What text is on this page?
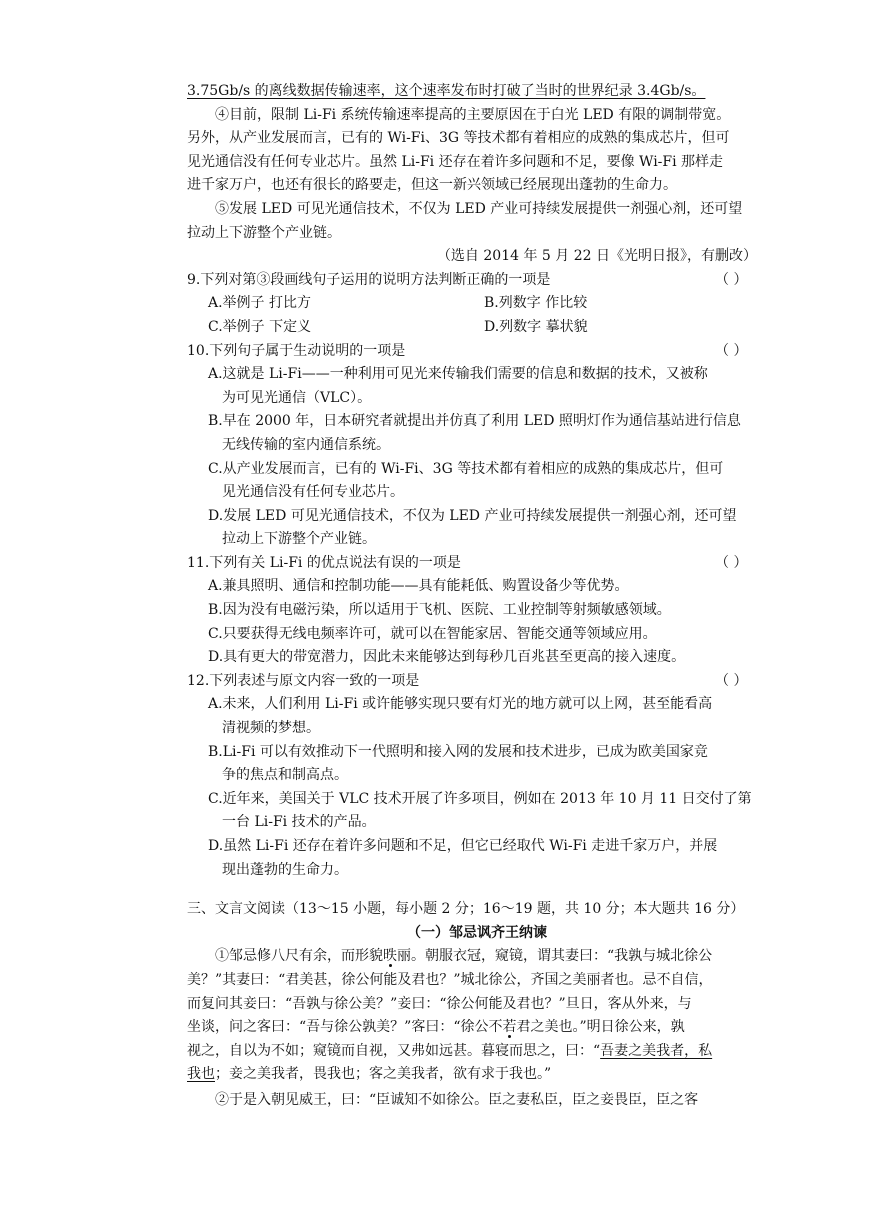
3.75Gb/s 的离线数据传输速率，这个速率发布时打破了当时的世界纪录 3.4Gb/s。
④目前，限制 Li-Fi 系统传输速率提高的主要原因在于白光 LED 有限的调制带宽。
另外，从产业发展而言，已有的 Wi-Fi、3G 等技术都有着相应的成熟的集成芯片，但可
见光通信没有任何专业芯片。虽然 Li-Fi 还存在着许多问题和不足，要像 Wi-Fi 那样走
进千家万户，也还有很长的路要走，但这一新兴领域已经展现出蓬勃的生命力。
⑤发展 LED 可见光通信技术，不仅为 LED 产业可持续发展提供一剂强心剂，还可望
拉动上下游整个产业链。
（选自 2014 年 5 月 22 日《光明日报》，有删改）
9.下列对第③段画线句子运用的说明方法判断正确的一项是	（ ）
A.举例子 打比方	B.列数字 作比较
C.举例子 下定义	D.列数字 摹状貌
10.下列句子属于生动说明的一项是	（ ）
A.这就是 Li-Fi——一种利用可见光来传输我们需要的信息和数据的技术，又被称
为可见光通信（VLC）。
B.早在 2000 年，日本研究者就提出并仿真了利用 LED 照明灯作为通信基站进行信息
无线传输的室内通信系统。
C.从产业发展而言，已有的 Wi-Fi、3G 等技术都有着相应的成熟的集成芯片，但可
见光通信没有任何专业芯片。
D.发展 LED 可见光通信技术，不仅为 LED 产业可持续发展提供一剂强心剂，还可望
拉动上下游整个产业链。
11.下列有关 Li-Fi 的优点说法有误的一项是	（ ）
A.兼具照明、通信和控制功能——具有能耗低、购置设备少等优势。
B.因为没有电磁污染，所以适用于飞机、医院、工业控制等射频敏感领域。
C.只要获得无线电频率许可，就可以在智能家居、智能交通等领域应用。
D.具有更大的带宽潜力，因此未来能够达到每秒几百兆甚至更高的接入速度。
12.下列表述与原文内容一致的一项是	（ ）
A.未来，人们利用 Li-Fi 或许能够实现只要有灯光的地方就可以上网，甚至能看高
清视频的梦想。
B.Li-Fi 可以有效推动下一代照明和接入网的发展和技术进步，已成为欧美国家竞
争的焦点和制高点。
C.近年来，美国关于 VLC 技术开展了许多项目，例如在 2013 年 10 月 11 日交付了第
一台 Li-Fi 技术的产品。
D.虽然 Li-Fi 还存在着许多问题和不足，但它已经取代 Wi-Fi 走进千家万户，并展
现出蓬勃的生命力。
三、文言文阅读（13～15 小题，每小题 2 分；16～19 题，共 10 分；本大题共 16 分）
（一）邹忌讽齐王纳谏
①邹忌修八尺有余，而形貌昳丽。朝服衣冠，窥镜，谓其妻曰：“我孰与城北徐公
美？”其妻曰：“君美甚，徐公何能及君也？”城北徐公，齐国之美丽者也。忌不自信，
而复问其妾曰：“吾孰与徐公美？”妾曰：“徐公何能及君也？”旦日，客从外来，与
坐谈，问之客曰：“吾与徐公孰美？”客曰：“徐公不若君之美也。”明日徐公来，孰
视之，自以为不如；窥镜而自视，又弗如远甚。暮寝而思之，曰：“吾妻之美我者，私
我也；妾之美我者，畏我也；客之美我者，欲有求于我也。”
②于是入朝见威王，曰：“臣诚知不如徐公。臣之妻私臣，臣之妾畏臣，臣之客
